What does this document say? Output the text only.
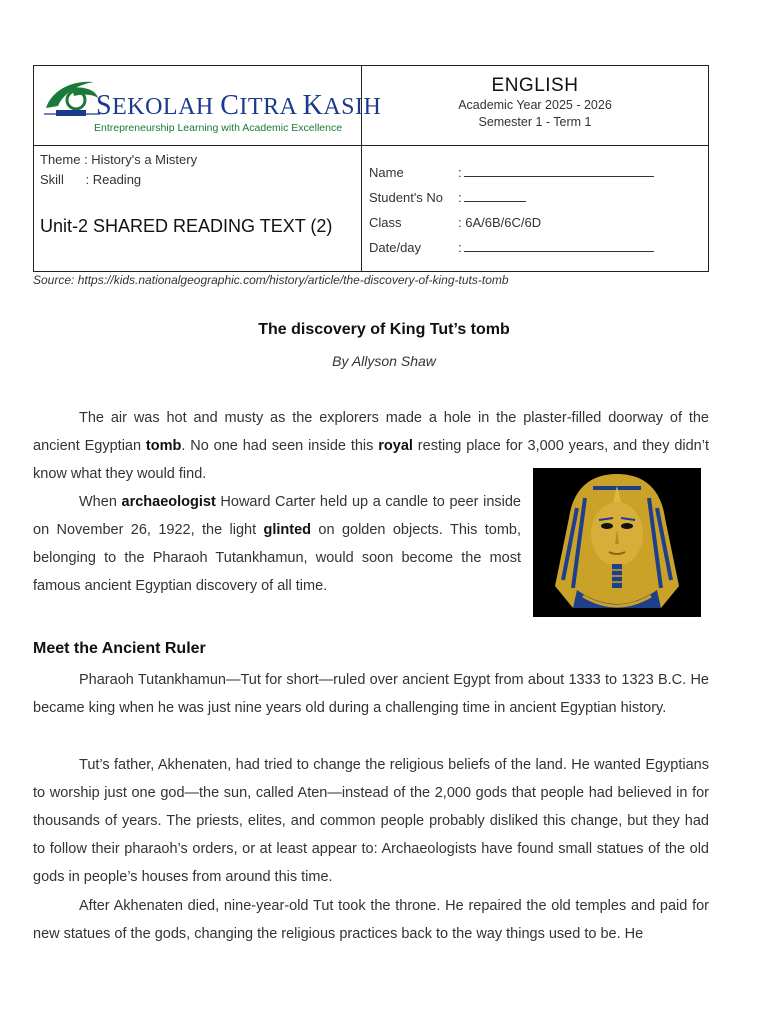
SEKOLAH CITRA KASIH
Entrepreneurship Learning with Academic Excellence
ENGLISH
Academic Year 2025 - 2026
Semester 1 - Term 1
Theme : History's a Mistery
Skill      : Reading
Unit-2 SHARED READING TEXT (2)
Name	:
Student's No :
Class	: 6A/6B/6C/6D
Date/day	:
Source: https://kids.nationalgeographic.com/history/article/the-discovery-of-king-tuts-tomb
The discovery of King Tut’s tomb
By Allyson Shaw

The air was hot and musty as the explorers made a hole in the plaster-filled doorway of the ancient Egyptian tomb. No one had seen inside this royal resting place for 3,000 years, and they didn’t know what they would find.

When archaeologist Howard Carter held up a candle to peer inside on November 26, 1922, the light glinted on golden objects. This tomb, belonging to the Pharaoh Tutankhamun, would soon become the most famous ancient Egyptian discovery of all time.

Meet the Ancient Ruler

Pharaoh Tutankhamun—Tut for short—ruled over ancient Egypt from about 1333 to 1323 B.C. He became king when he was just nine years old during a challenging time in ancient Egyptian history.

Tut’s father, Akhenaten, had tried to change the religious beliefs of the land. He wanted Egyptians to worship just one god—the sun, called Aten—instead of the 2,000 gods that people had believed in for thousands of years. The priests, elites, and common people probably disliked this change, but they had to follow their pharaoh’s orders, or at least appear to: Archaeologists have found small statues of the old gods in people’s houses from around this time.

After Akhenaten died, nine-year-old Tut took the throne. He repaired the old temples and paid for new statues of the gods, changing the religious practices back to the way things used to be. He
